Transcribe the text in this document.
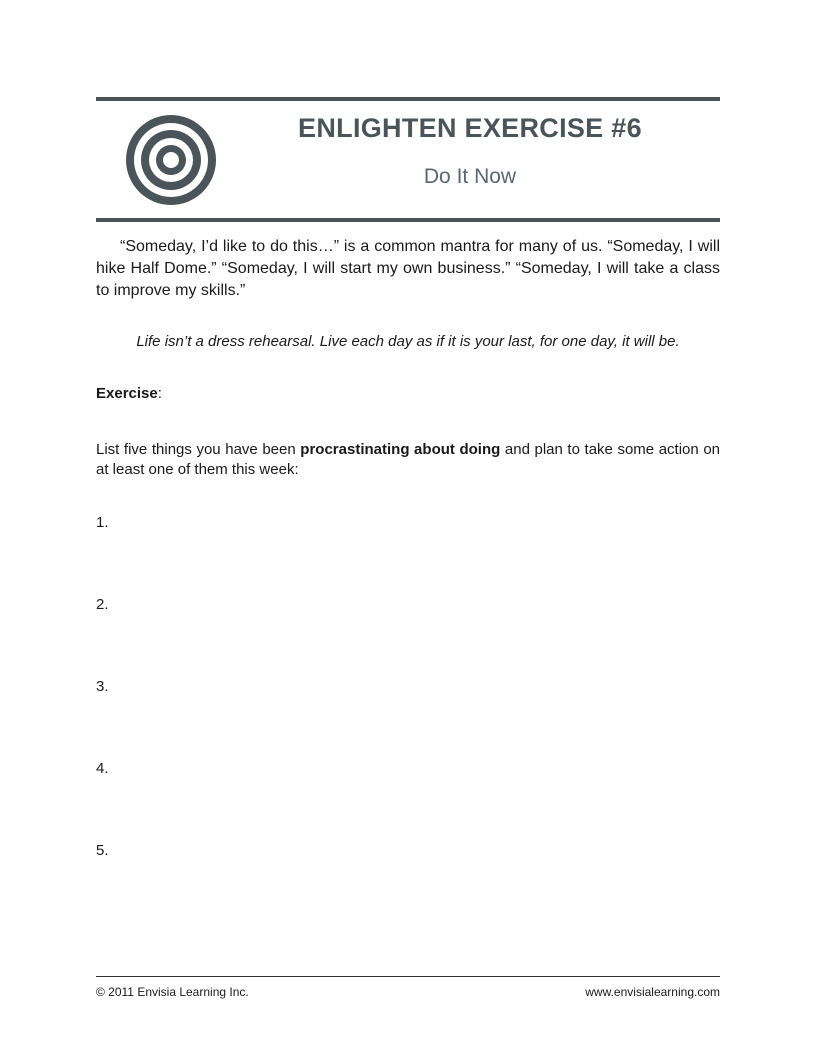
ENLIGHTEN EXERCISE #6
Do It Now

“Someday, I’d like to do this…” is a common mantra for many of us. “Someday, I will hike Half Dome.” “Someday, I will start my own business.” “Someday, I will take a class to improve my skills.”

Life isn’t a dress rehearsal. Live each day as if it is your last, for one day, it will be.

Exercise:

List five things you have been procrastinating about doing and plan to take some action on at least one of them this week:

1.
2.
3.
4.
5.
© 2011 Envisia Learning Inc.	www.envisialearning.com
